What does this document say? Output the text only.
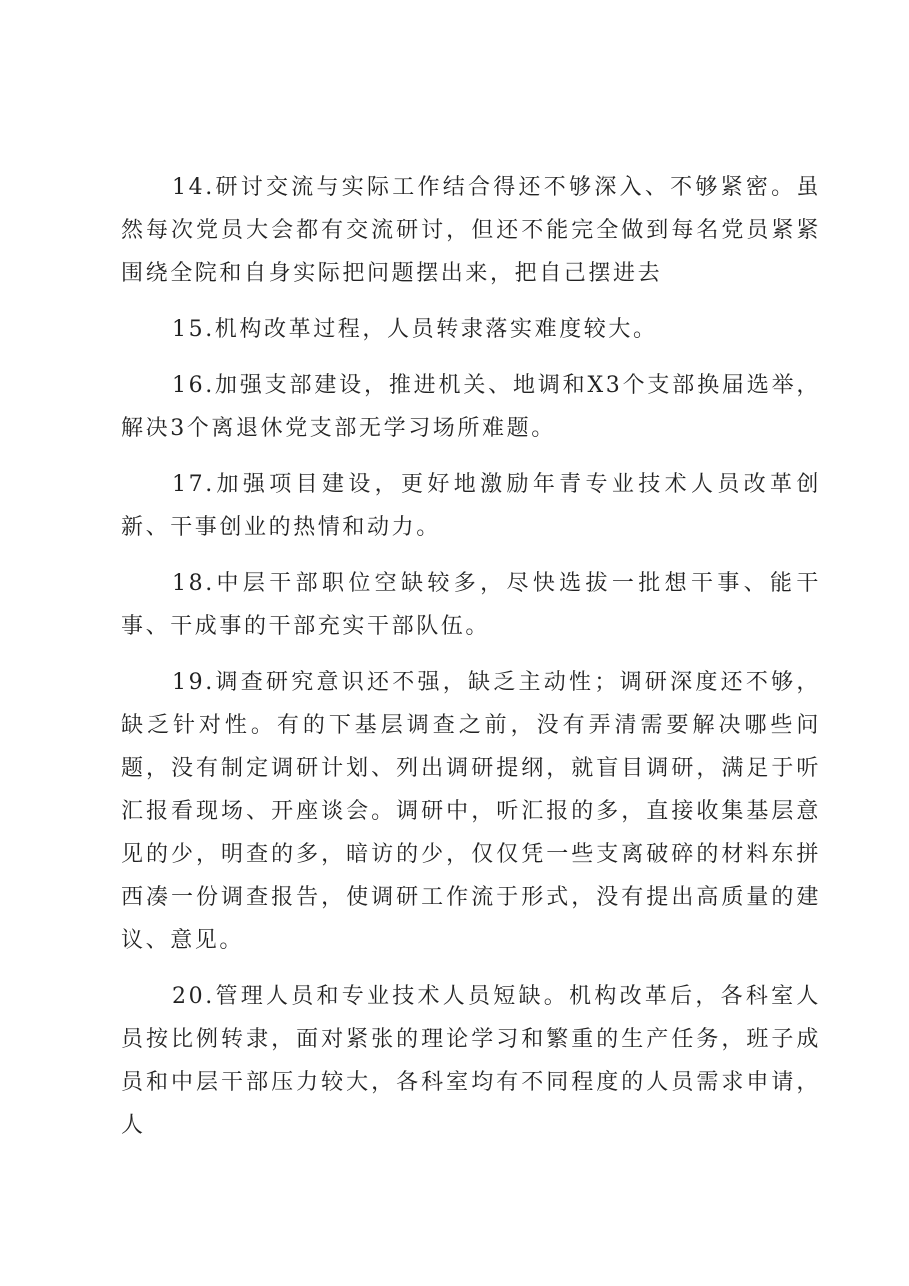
14.研讨交流与实际工作结合得还不够深入、不够紧密。虽然每次党员大会都有交流研讨，但还不能完全做到每名党员紧紧围绕全院和自身实际把问题摆出来，把自己摆进去

15.机构改革过程，人员转隶落实难度较大。

16.加强支部建设，推进机关、地调和X3个支部换届选举，解决3个离退休党支部无学习场所难题。

17.加强项目建设，更好地激励年青专业技术人员改革创新、干事创业的热情和动力。

18.中层干部职位空缺较多，尽快选拔一批想干事、能干事、干成事的干部充实干部队伍。

19.调查研究意识还不强，缺乏主动性；调研深度还不够，缺乏针对性。有的下基层调查之前，没有弄清需要解决哪些问题，没有制定调研计划、列出调研提纲，就盲目调研，满足于听汇报看现场、开座谈会。调研中，听汇报的多，直接收集基层意见的少，明查的多，暗访的少，仅仅凭一些支离破碎的材料东拼西凑一份调查报告，使调研工作流于形式，没有提出高质量的建议、意见。

20.管理人员和专业技术人员短缺。机构改革后，各科室人员按比例转隶，面对紧张的理论学习和繁重的生产任务，班子成员和中层干部压力较大，各科室均有不同程度的人员需求申请，人
